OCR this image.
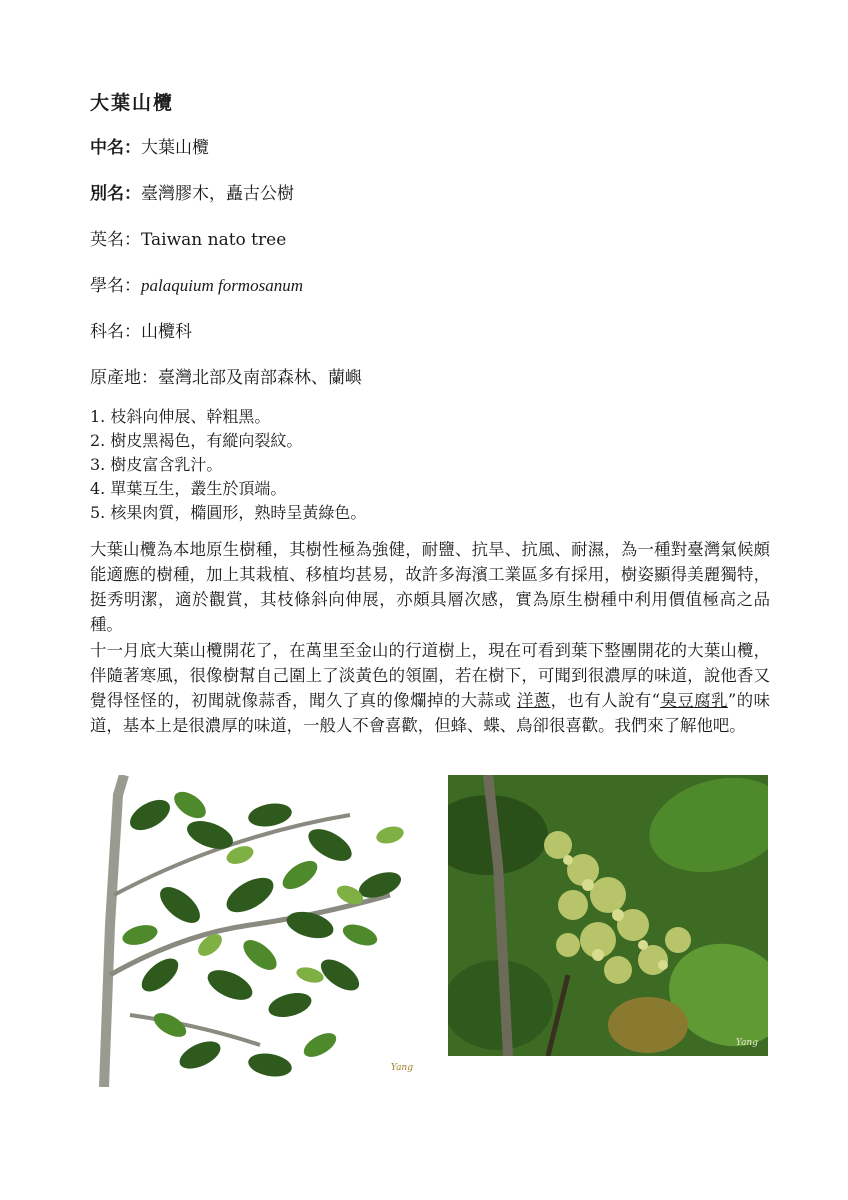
大葉山欖
中名：大葉山欖
別名：臺灣膠木，矗古公樹
英名：Taiwan nato tree
學名：palaquium formosanum
科名：山欖科
原產地：臺灣北部及南部森林、蘭嶼
1. 枝斜向伸展、幹粗黑。
2. 樹皮黑褐色，有縱向裂紋。
3. 樹皮富含乳汁。
4. 單葉互生，叢生於頂端。
5. 核果肉質，橢圓形，熟時呈黃綠色。
大葉山欖為本地原生樹種，其樹性極為強健，耐鹽、抗旱、抗風、耐濕，為一種對臺灣氣候頗能適應的樹種，加上其栽植、移植均甚易，故許多海濱工業區多有採用，樹姿顯得美麗獨特，挺秀明潔，適於觀賞，其枝條斜向伸展，亦頗具層次感，實為原生樹種中利用價值極高之品種。
十一月底大葉山欖開花了，在萬里至金山的行道樹上，現在可看到葉下整團開花的大葉山欖，伴隨著寒風，很像樹幫自己圍上了淡黃色的領圍，若在樹下，可聞到很濃厚的味道，說他香又覺得怪怪的，初聞就像蒜香，聞久了真的像爛掉的大蒜或 洋蔥，也有人說有“臭豆腐乳”的味道，基本上是很濃厚的味道，一般人不會喜歡，但蜂、蝶、鳥卻很喜歡。我們來了解他吧。
Yang
Yang
